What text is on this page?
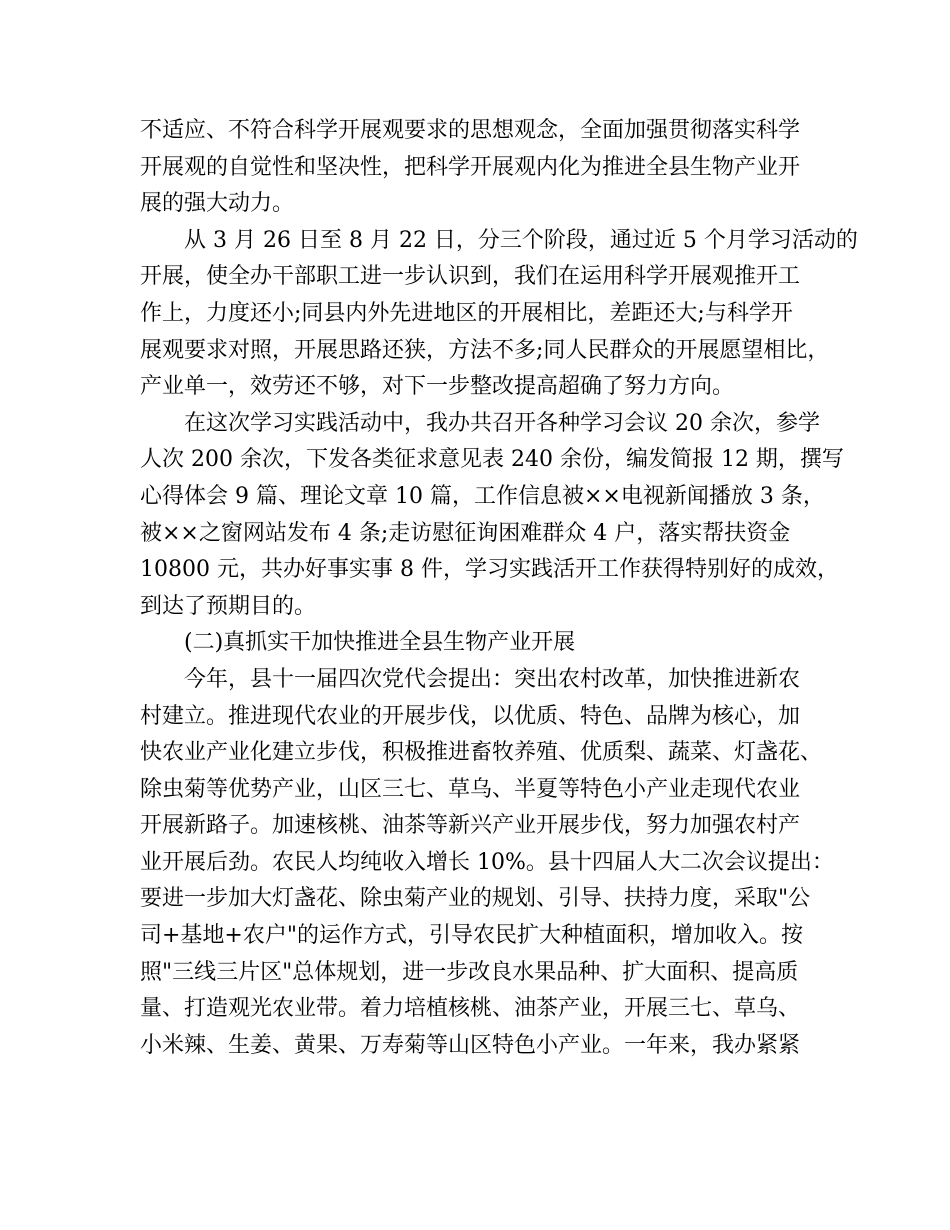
不适应、不符合科学开展观要求的思想观念，全面加强贯彻落实科学
开展观的自觉性和坚决性，把科学开展观内化为推进全县生物产业开
展的强大动力。
从 3 月 26 日至 8 月 22 日，分三个阶段，通过近 5 个月学习活动的
开展，使全办干部职工进一步认识到，我们在运用科学开展观推开工
作上，力度还小;同县内外先进地区的开展相比，差距还大;与科学开
展观要求对照，开展思路还狭，方法不多;同人民群众的开展愿望相比，
产业单一，效劳还不够，对下一步整改提高超确了努力方向。
在这次学习实践活动中，我办共召开各种学习会议 20 余次，参学
人次 200 余次，下发各类征求意见表 240 余份，编发简报 12 期，撰写
心得体会 9 篇、理论文章 10 篇，工作信息被××电视新闻播放 3 条，
被××之窗网站发布 4 条;走访慰征询困难群众 4 户，落实帮扶资金
10800 元，共办好事实事 8 件，学习实践活开工作获得特别好的成效，
到达了预期目的。
(二)真抓实干加快推进全县生物产业开展
今年，县十一届四次党代会提出：突出农村改革，加快推进新农
村建立。推进现代农业的开展步伐，以优质、特色、品牌为核心，加
快农业产业化建立步伐，积极推进畜牧养殖、优质梨、蔬菜、灯盏花、
除虫菊等优势产业，山区三七、草乌、半夏等特色小产业走现代农业
开展新路子。加速核桃、油茶等新兴产业开展步伐，努力加强农村产
业开展后劲。农民人均纯收入增长 10%。县十四届人大二次会议提出：
要进一步加大灯盏花、除虫菊产业的规划、引导、扶持力度，采取"公
司+基地+农户"的运作方式，引导农民扩大种植面积，增加收入。按
照"三线三片区"总体规划，进一步改良水果品种、扩大面积、提高质
量、打造观光农业带。着力培植核桃、油茶产业，开展三七、草乌、
小米辣、生姜、黄果、万寿菊等山区特色小产业。一年来，我办紧紧
